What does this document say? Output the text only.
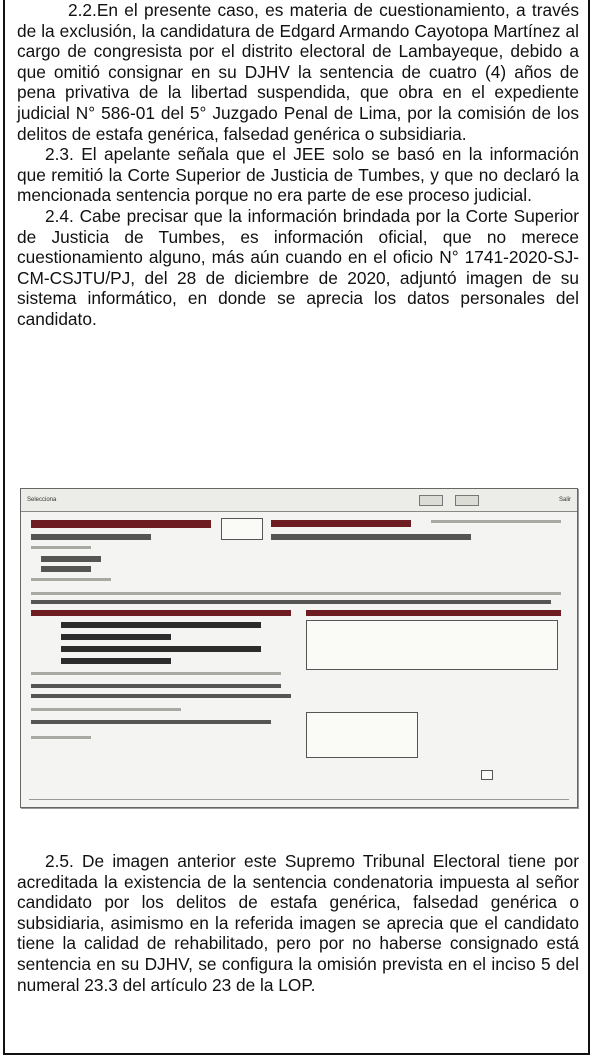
2.2.En el presente caso, es materia de cuestionamiento, a través de la exclusión, la candidatura de Edgard Armando Cayotopa Martínez al cargo de congresista por el distrito electoral de Lambayeque, debido a que omitió consignar en su DJHV la sentencia de cuatro (4) años de pena privativa de la libertad suspendida, que obra en el expediente judicial N° 586-01 del 5° Juzgado Penal de Lima, por la comisión de los delitos de estafa genérica, falsedad genérica o subsidiaria.

2.3. El apelante señala que el JEE solo se basó en la información que remitió la Corte Superior de Justicia de Tumbes, y que no declaró la mencionada sentencia porque no era parte de ese proceso judicial.

2.4. Cabe precisar que la información brindada por la Corte Superior de Justicia de Tumbes, es información oficial, que no merece cuestionamiento alguno, más aún cuando en el oficio N° 1741-2020-SJ-CM-CSJTU/PJ, del 28 de diciembre de 2020, adjuntó imagen de su sistema informático, en donde se aprecia los datos personales del candidato.

Selecciona	Salir

2.5. De imagen anterior este Supremo Tribunal Electoral tiene por acreditada la existencia de la sentencia condenatoria impuesta al señor candidato por los delitos de estafa genérica, falsedad genérica o subsidiaria, asimismo en la referida imagen se aprecia que el candidato tiene la calidad de rehabilitado, pero por no haberse consignado está sentencia en su DJHV, se configura la omisión prevista en el inciso 5 del numeral 23.3 del artículo 23 de la LOP.
